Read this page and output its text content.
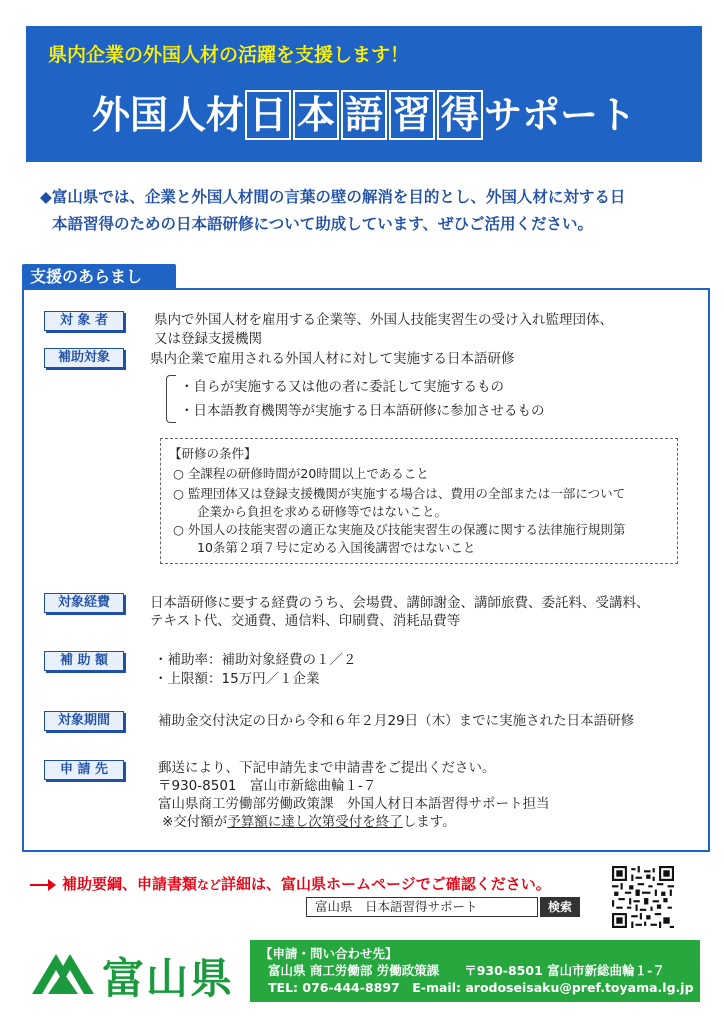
県内企業の外国人材の活躍を支援します！
外国人材 日 本 語 習 得 サポート
◆富山県では、企業と外国人材間の言葉の壁の解消を目的とし、外国人材に対する日
本語習得のための日本語研修について助成しています、ぜひご活用ください。
支援のあらまし
対 象 者	県内で外国人材を雇用する企業等、外国人技能実習生の受け入れ監理団体、
又は登録支援機関
補助対象	県内企業で雇用される外国人材に対して実施する日本語研修
・自らが実施する又は他の者に委託して実施するもの
・日本語教育機関等が実施する日本語研修に参加させるもの
【研修の条件】
○ 全課程の研修時間が20時間以上であること
○ 監理団体又は登録支援機関が実施する場合は、費用の全部または一部について
企業から負担を求める研修等ではないこと。
○ 外国人の技能実習の適正な実施及び技能実習生の保護に関する法律施行規則第
10条第２項７号に定める入国後講習ではないこと
対象経費	日本語研修に要する経費のうち、会場費、講師謝金、講師旅費、委託料、受講料、
テキスト代、交通費、通信料、印刷費、消耗品費等
補 助 額	・補助率：補助対象経費の１／２
・上限額：15万円／１企業
対象期間	補助金交付決定の日から令和６年２月29日（木）までに実施された日本語研修
申 請 先	郵送により、下記申請先まで申請書をご提出ください。
〒930-8501　富山市新総曲輪１-７
富山県商工労働部労働政策課　外国人材日本語習得サポート担当
※交付額が予算額に達し次第受付を終了します。
補助要綱、申請書類など詳細は、富山県ホームページでご確認ください。
富山県　日本語習得サポート	検索
富山県
【申請・問い合わせ先】
富山県 商工労働部 労働政策課　　〒930-8501 富山市新総曲輪１-７
TEL: 076-444-8897　E-mail: arodoseisaku@pref.toyama.lg.jp
